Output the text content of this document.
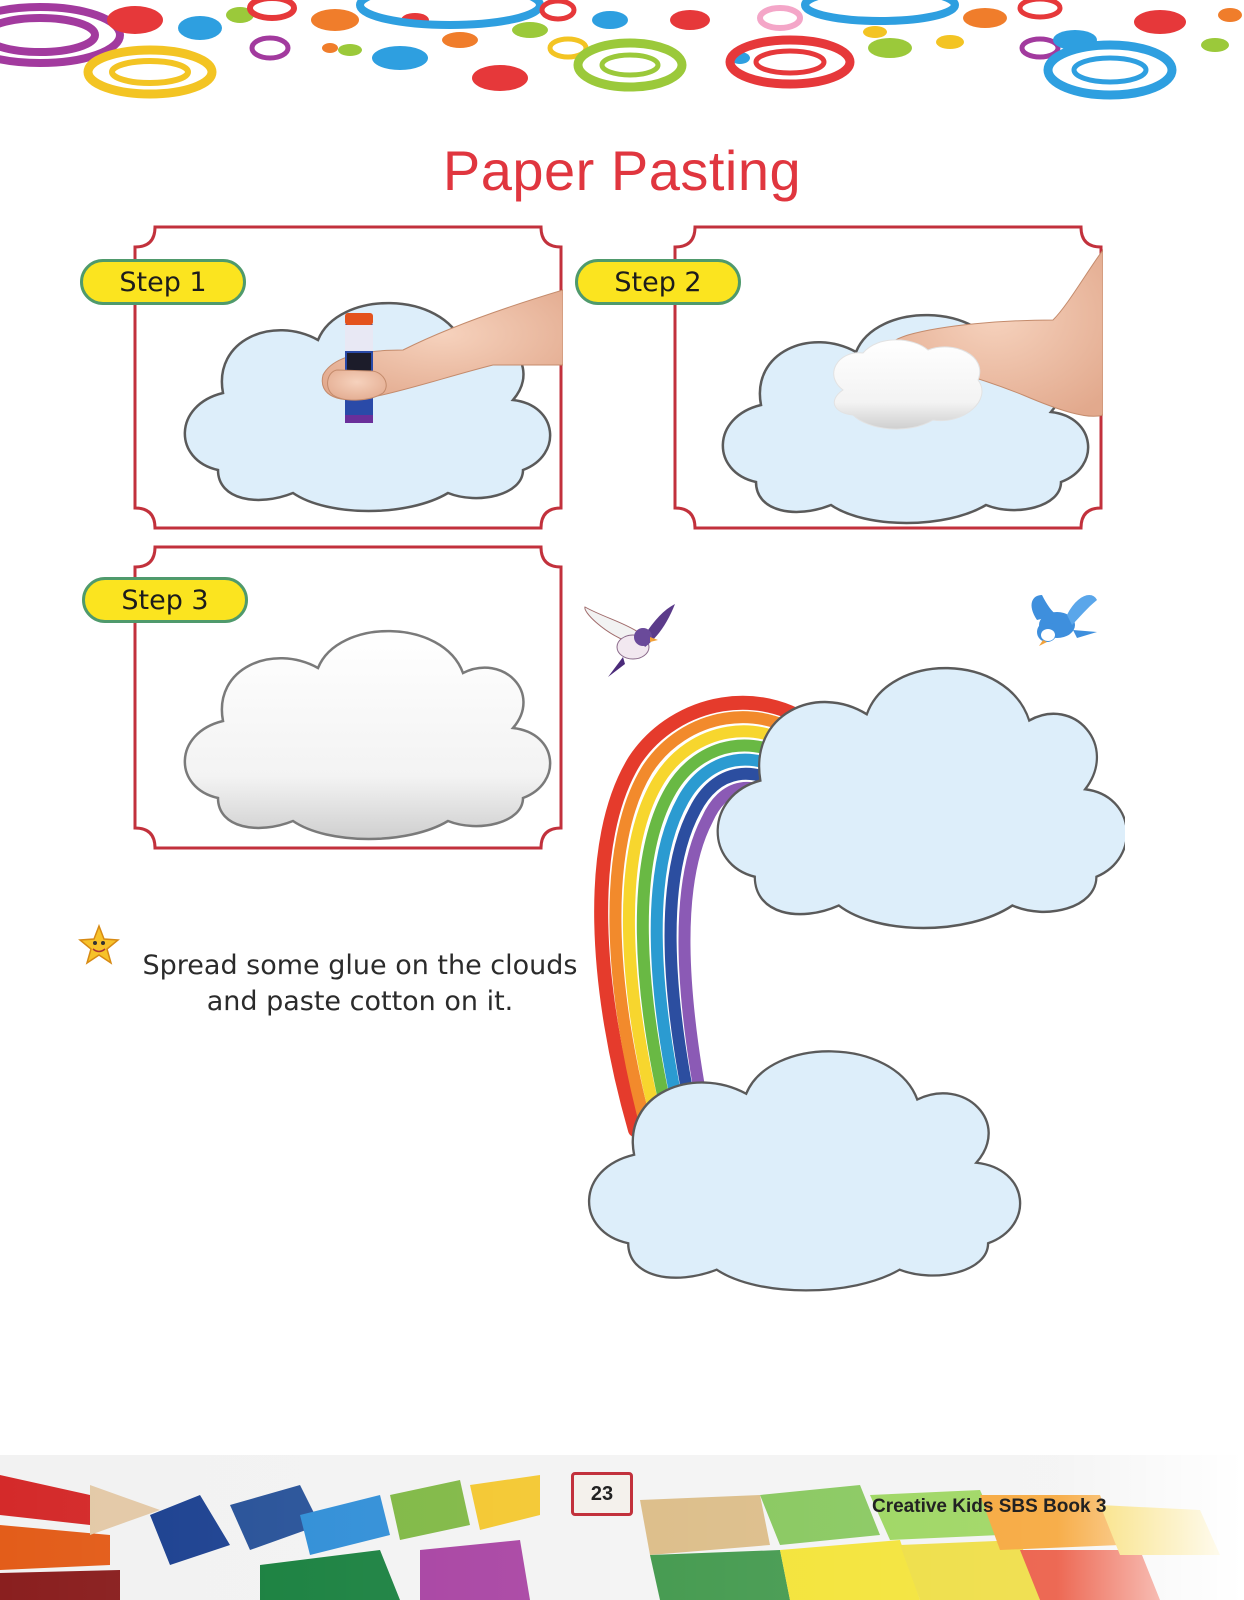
Paper Pasting
Step 1	Step 2
Step 3
Spread some glue on the clouds
and paste cotton on it.
23
Creative Kids SBS Book 3
